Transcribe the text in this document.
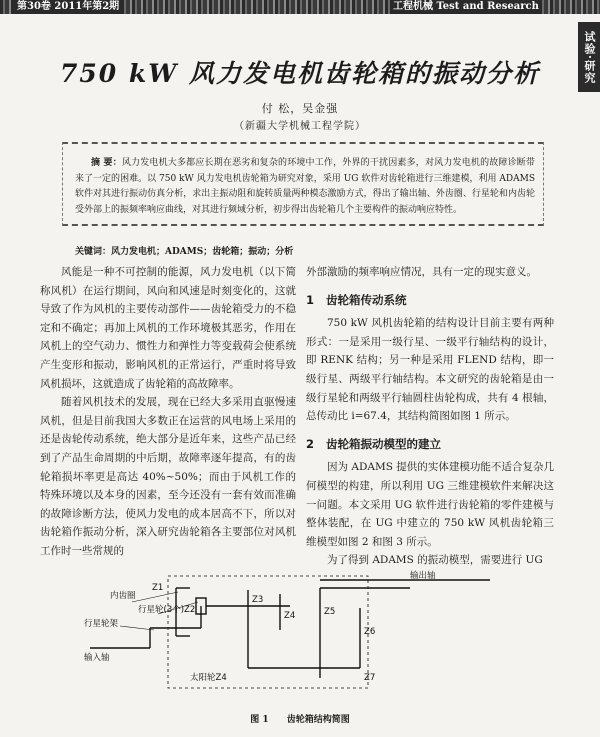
第30卷 2011年第2期	工程机械 Test and Research
试验·研究
750 kW 风力发电机齿轮箱的振动分析
付 松，吴金强
（新疆大学机械工程学院）
摘 要：风力发电机大多都应长期在恶劣和复杂的环境中工作，外界的干扰因素多，对风力发电机的故障诊断带来了一定的困难。以 750 kW 风力发电机齿轮箱为研究对象，采用 UG 软件对齿轮箱进行三维建模，利用 ADAMS 软件对其进行振动仿真分析，求出主振动阻和旋转质量两种模态激励方式，得出了输出轴、外齿圈、行星轮和内齿轮受外部上的振频率响应曲线，对其进行频域分析，初步得出齿轮箱几个主要构件的振动响应特性。
关键词：风力发电机；ADAMS；齿轮箱；振动；分析

风能是一种不可控制的能源，风力发电机（以下简称风机）在运行期间，风向和风速是时刻变化的，这就导致了作为风机的主要传动部件——齿轮箱受力的不稳定和不确定；再加上风机的工作环境极其恶劣，作用在风机上的空气动力、惯性力和弹性力等变载荷会使系统产生变形和振动，影响风机的正常运行，严重时将导致风机损坏，这就造成了齿轮箱的高故障率。

随着风机技术的发展，现在已经大多采用直驱慢速风机，但是目前我国大多数正在运营的风电场上采用的还是齿轮传动系统，绝大部分是近年来，这些产品已经到了产品生命周期的中后期，故障率逐年提高，有的齿轮箱损坏率更是高达 40%~50%；而由于风机工作的特殊环境以及本身的因素，至今还没有一套有效而准确的故障诊断方法，使风力发电的成本居高不下，所以对齿轮箱作振动分析，深入研究齿轮箱各主要部位对风机工作时一些常规的

外部激励的频率响应情况，具有一定的现实意义。

1 齿轮箱传动系统

750 kW 风机齿轮箱的结构设计目前主要有两种形式：一是采用一级行星、一级平行轴结构的设计，即 RENK 结构；另一种是采用 FLEND 结构，即一级行星、两级平行轴结构。本文研究的齿轮箱是由一级行星轮和两级平行轴圆柱齿轮构成，共有 4 根轴，总传动比 i=67.4，其结构简图如图 1 所示。

2 齿轮箱振动模型的建立

因为 ADAMS 提供的实体建模功能不适合复杂几何模型的构建，所以利用 UG 三维建模软件来解决这一问题。本文采用 UG 软件进行齿轮箱的零件建模与整体装配，在 UG 中建立的 750 kW 风机齿轮箱三维模型如图 2 和图 3 所示。

为了得到 ADAMS 的振动模型，需要进行 UG

内齿圈
Z1
行星轮(3个)Z2
行星轮架
输入轴
输出轴
Z3
Z4	Z5
太阳轮Z4
Z6
Z7
图 1 齿轮箱结构简图
